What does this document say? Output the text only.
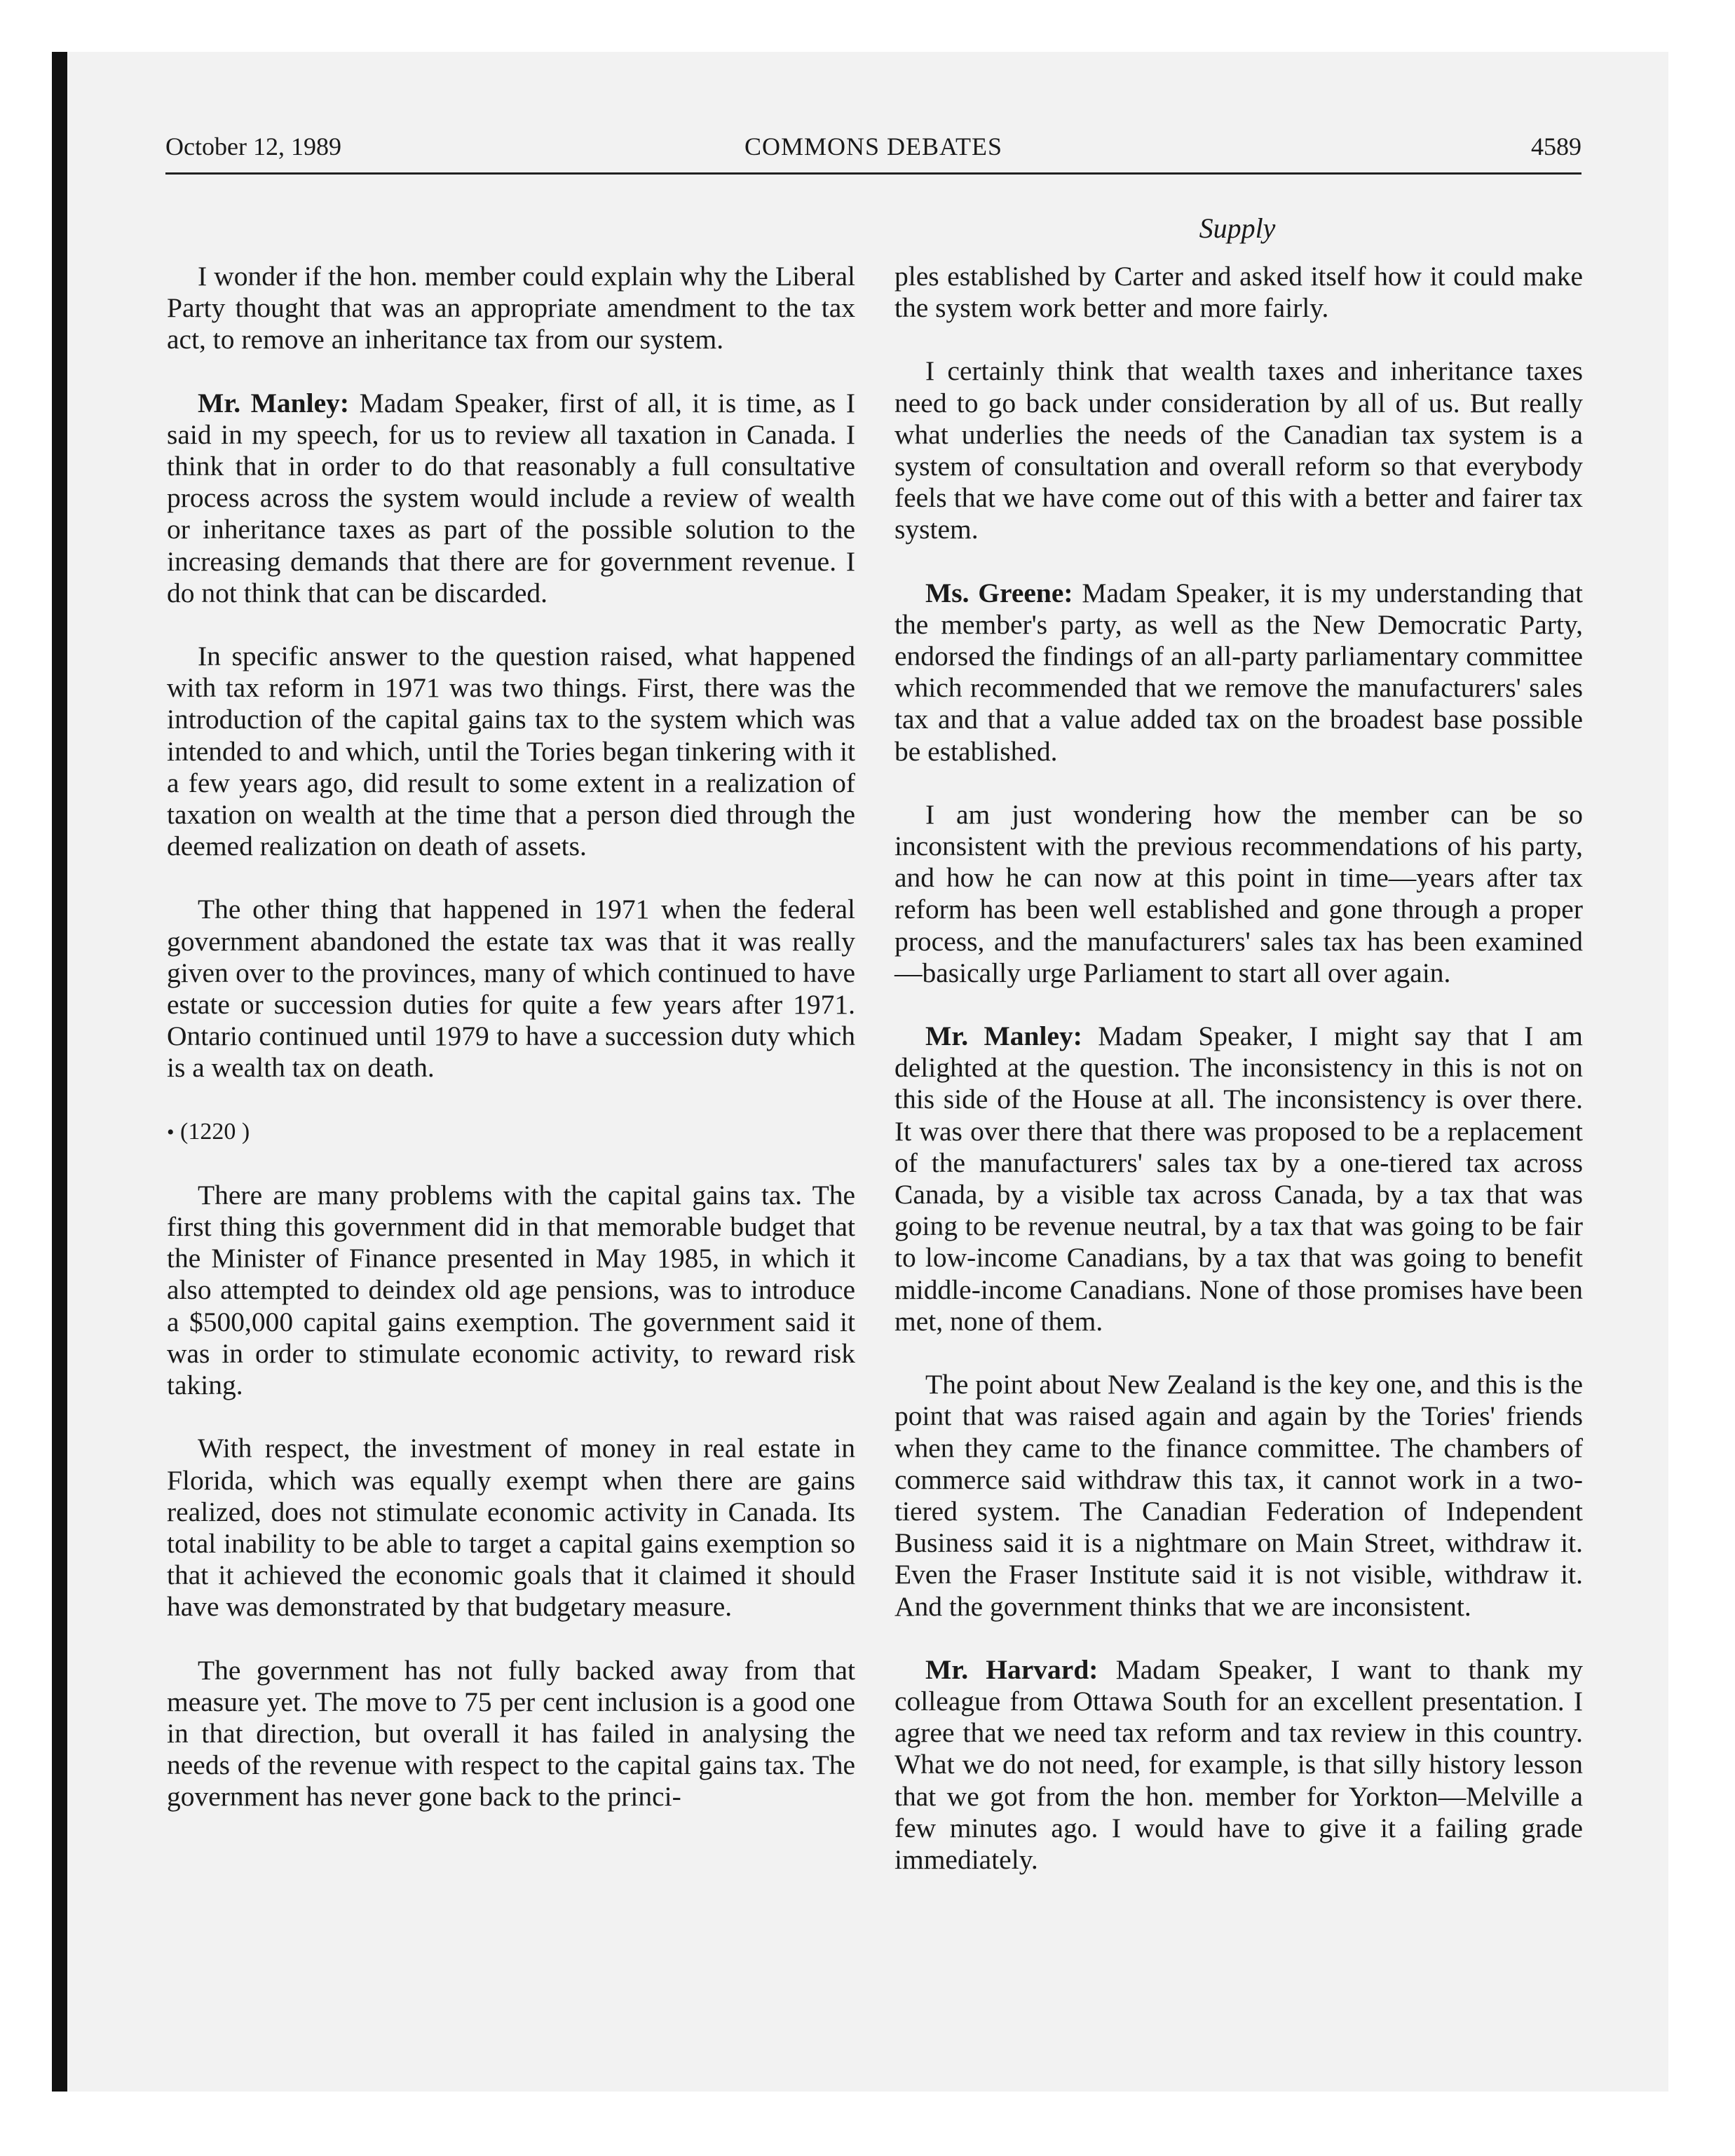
October 12, 1989	COMMONS DEBATES	4589
Supply

I wonder if the hon. member could explain why the Liberal Party thought that was an appropriate amendment to the tax act, to remove an inheritance tax from our system.

Mr. Manley: Madam Speaker, first of all, it is time, as I said in my speech, for us to review all taxation in Canada. I think that in order to do that reasonably a full consultative process across the system would include a review of wealth or inheritance taxes as part of the possible solution to the increasing demands that there are for government revenue. I do not think that can be discarded.

In specific answer to the question raised, what happened with tax reform in 1971 was two things. First, there was the introduction of the capital gains tax to the system which was intended to and which, until the Tories began tinkering with it a few years ago, did result to some extent in a realization of taxation on wealth at the time that a person died through the deemed realization on death of assets.

The other thing that happened in 1971 when the federal government abandoned the estate tax was that it was really given over to the provinces, many of which continued to have estate or succession duties for quite a few years after 1971. Ontario continued until 1979 to have a succession duty which is a wealth tax on death.

• (1220 )

There are many problems with the capital gains tax. The first thing this government did in that memorable budget that the Minister of Finance presented in May 1985, in which it also attempted to deindex old age pensions, was to introduce a $500,000 capital gains exemption. The government said it was in order to stimulate economic activity, to reward risk taking.

With respect, the investment of money in real estate in Florida, which was equally exempt when there are gains realized, does not stimulate economic activity in Canada. Its total inability to be able to target a capital gains exemption so that it achieved the economic goals that it claimed it should have was demonstrated by that budgetary measure.

The government has not fully backed away from that measure yet. The move to 75 per cent inclusion is a good one in that direction, but overall it has failed in analysing the needs of the revenue with respect to the capital gains tax. The government has never gone back to the princi-

ples established by Carter and asked itself how it could make the system work better and more fairly.

I certainly think that wealth taxes and inheritance taxes need to go back under consideration by all of us. But really what underlies the needs of the Canadian tax system is a system of consultation and overall reform so that everybody feels that we have come out of this with a better and fairer tax system.

Ms. Greene: Madam Speaker, it is my understanding that the member's party, as well as the New Democratic Party, endorsed the findings of an all-party parliamentary committee which recommended that we remove the manufacturers' sales tax and that a value added tax on the broadest base possible be established.

I am just wondering how the member can be so inconsistent with the previous recommendations of his party, and how he can now at this point in time—years after tax reform has been well established and gone through a proper process, and the manufacturers' sales tax has been examined—basically urge Parliament to start all over again.

Mr. Manley: Madam Speaker, I might say that I am delighted at the question. The inconsistency in this is not on this side of the House at all. The inconsistency is over there. It was over there that there was proposed to be a replacement of the manufacturers' sales tax by a one-tiered tax across Canada, by a visible tax across Canada, by a tax that was going to be revenue neutral, by a tax that was going to be fair to low-income Canadians, by a tax that was going to benefit middle-income Canadians. None of those promises have been met, none of them.

The point about New Zealand is the key one, and this is the point that was raised again and again by the Tories' friends when they came to the finance committee. The chambers of commerce said withdraw this tax, it cannot work in a two-tiered system. The Canadian Federation of Independent Business said it is a nightmare on Main Street, withdraw it. Even the Fraser Institute said it is not visible, withdraw it. And the government thinks that we are inconsistent.

Mr. Harvard: Madam Speaker, I want to thank my colleague from Ottawa South for an excellent presentation. I agree that we need tax reform and tax review in this country. What we do not need, for example, is that silly history lesson that we got from the hon. member for Yorkton—Melville a few minutes ago. I would have to give it a failing grade immediately.
